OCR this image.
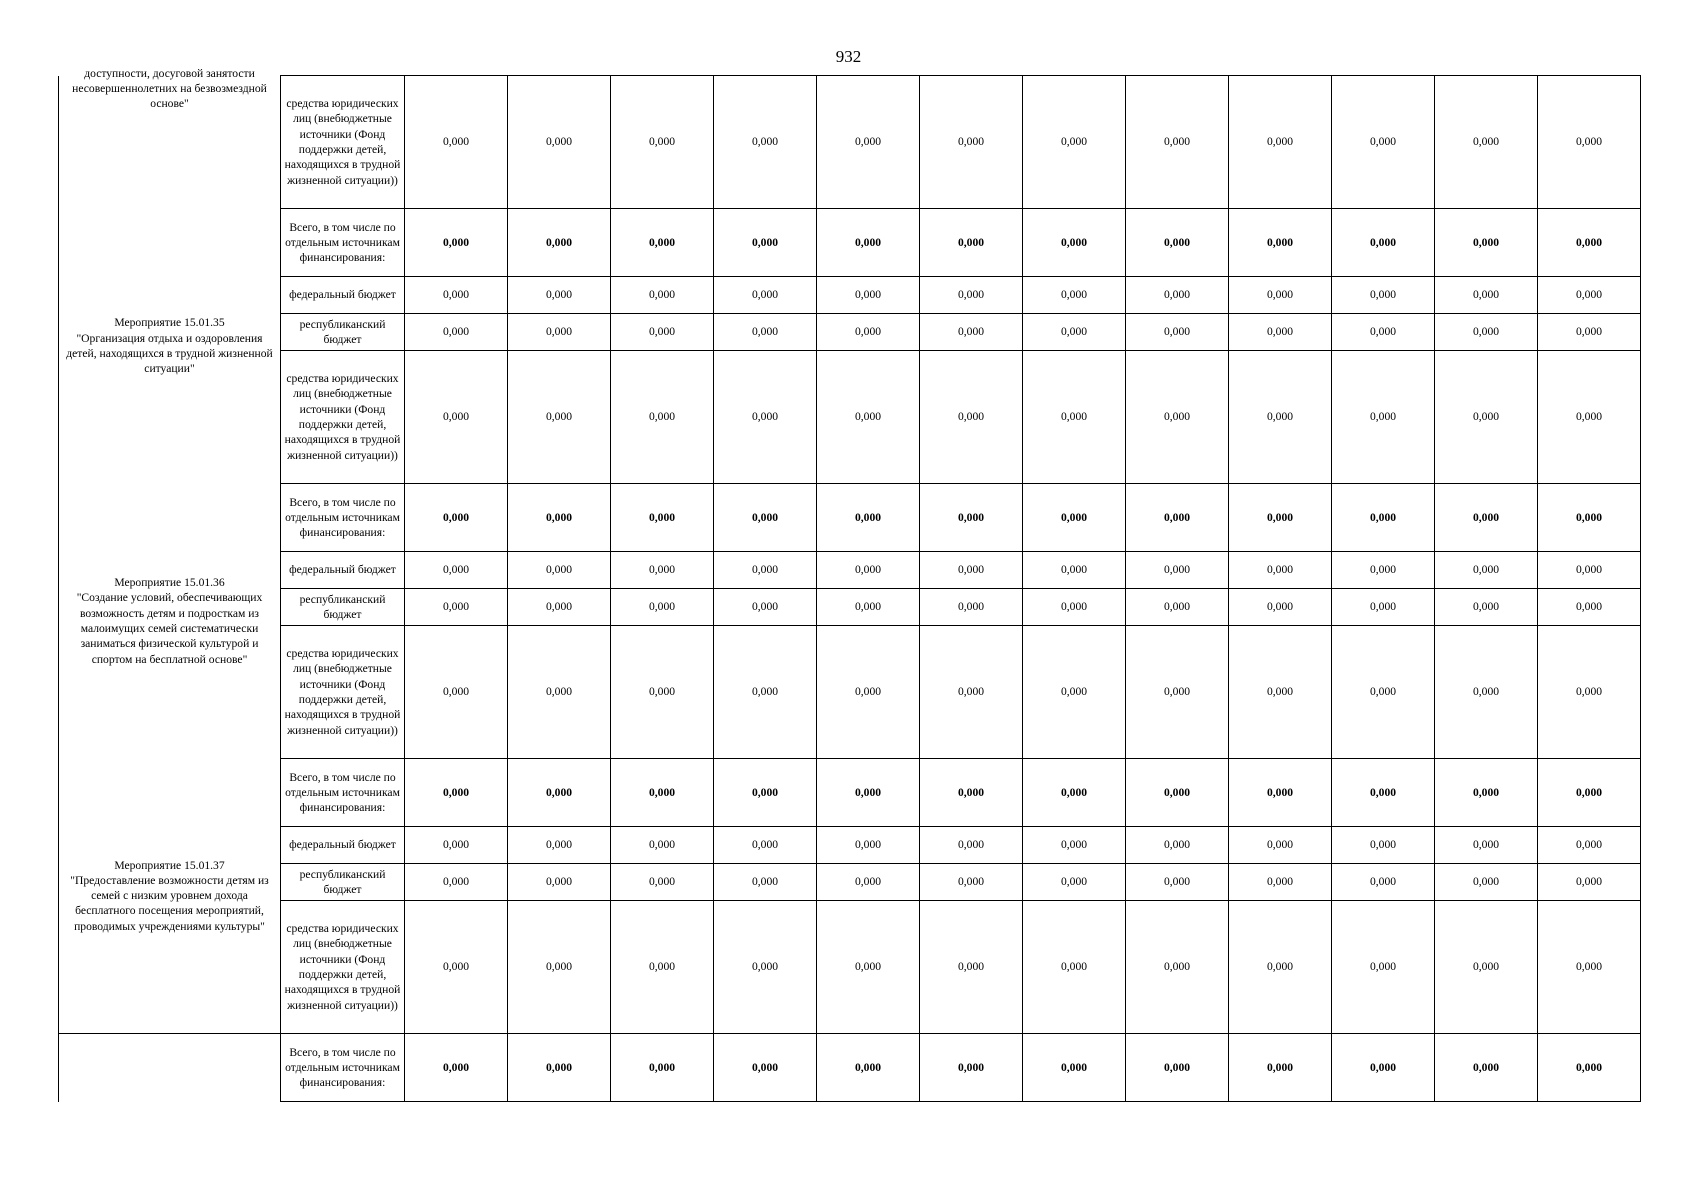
932
доступности, досуговой занятости несовершеннолетних на безвозмездной основе"	средства юридических лиц (внебюджетные источники (Фонд поддержки детей, находящихся в трудной жизненной ситуации))	0,000	0,000	0,000	0,000	0,000	0,000	0,000	0,000	0,000	0,000	0,000	0,000

Мероприятие 15.01.35
"Организация отдыха и оздоровления детей, находящихся в трудной жизненной ситуации"	Всего, в том числе по отдельным источникам финансирования:	0,000	0,000	0,000	0,000	0,000	0,000	0,000	0,000	0,000	0,000	0,000	0,000
	федеральный бюджет	0,000	0,000	0,000	0,000	0,000	0,000	0,000	0,000	0,000	0,000	0,000	0,000
	республиканский бюджет	0,000	0,000	0,000	0,000	0,000	0,000	0,000	0,000	0,000	0,000	0,000	0,000
	средства юридических лиц (внебюджетные источники (Фонд поддержки детей, находящихся в трудной жизненной ситуации))	0,000	0,000	0,000	0,000	0,000	0,000	0,000	0,000	0,000	0,000	0,000	0,000

Мероприятие 15.01.36
"Создание условий, обеспечивающих возможность детям и подросткам из малоимущих семей систематически заниматься физической культурой и спортом на бесплатной основе"	Всего, в том числе по отдельным источникам финансирования:	0,000	0,000	0,000	0,000	0,000	0,000	0,000	0,000	0,000	0,000	0,000	0,000
	федеральный бюджет	0,000	0,000	0,000	0,000	0,000	0,000	0,000	0,000	0,000	0,000	0,000	0,000
	республиканский бюджет	0,000	0,000	0,000	0,000	0,000	0,000	0,000	0,000	0,000	0,000	0,000	0,000
	средства юридических лиц (внебюджетные источники (Фонд поддержки детей, находящихся в трудной жизненной ситуации))	0,000	0,000	0,000	0,000	0,000	0,000	0,000	0,000	0,000	0,000	0,000	0,000

Мероприятие 15.01.37
"Предоставление возможности детям из семей с низким уровнем дохода бесплатного посещения мероприятий, проводимых учреждениями культуры"	Всего, в том числе по отдельным источникам финансирования:	0,000	0,000	0,000	0,000	0,000	0,000	0,000	0,000	0,000	0,000	0,000	0,000
	федеральный бюджет	0,000	0,000	0,000	0,000	0,000	0,000	0,000	0,000	0,000	0,000	0,000	0,000
	республиканский бюджет	0,000	0,000	0,000	0,000	0,000	0,000	0,000	0,000	0,000	0,000	0,000	0,000
	средства юридических лиц (внебюджетные источники (Фонд поддержки детей, находящихся в трудной жизненной ситуации))	0,000	0,000	0,000	0,000	0,000	0,000	0,000	0,000	0,000	0,000	0,000	0,000

	Всего, в том числе по отдельным источникам финансирования:	0,000	0,000	0,000	0,000	0,000	0,000	0,000	0,000	0,000	0,000	0,000	0,000
